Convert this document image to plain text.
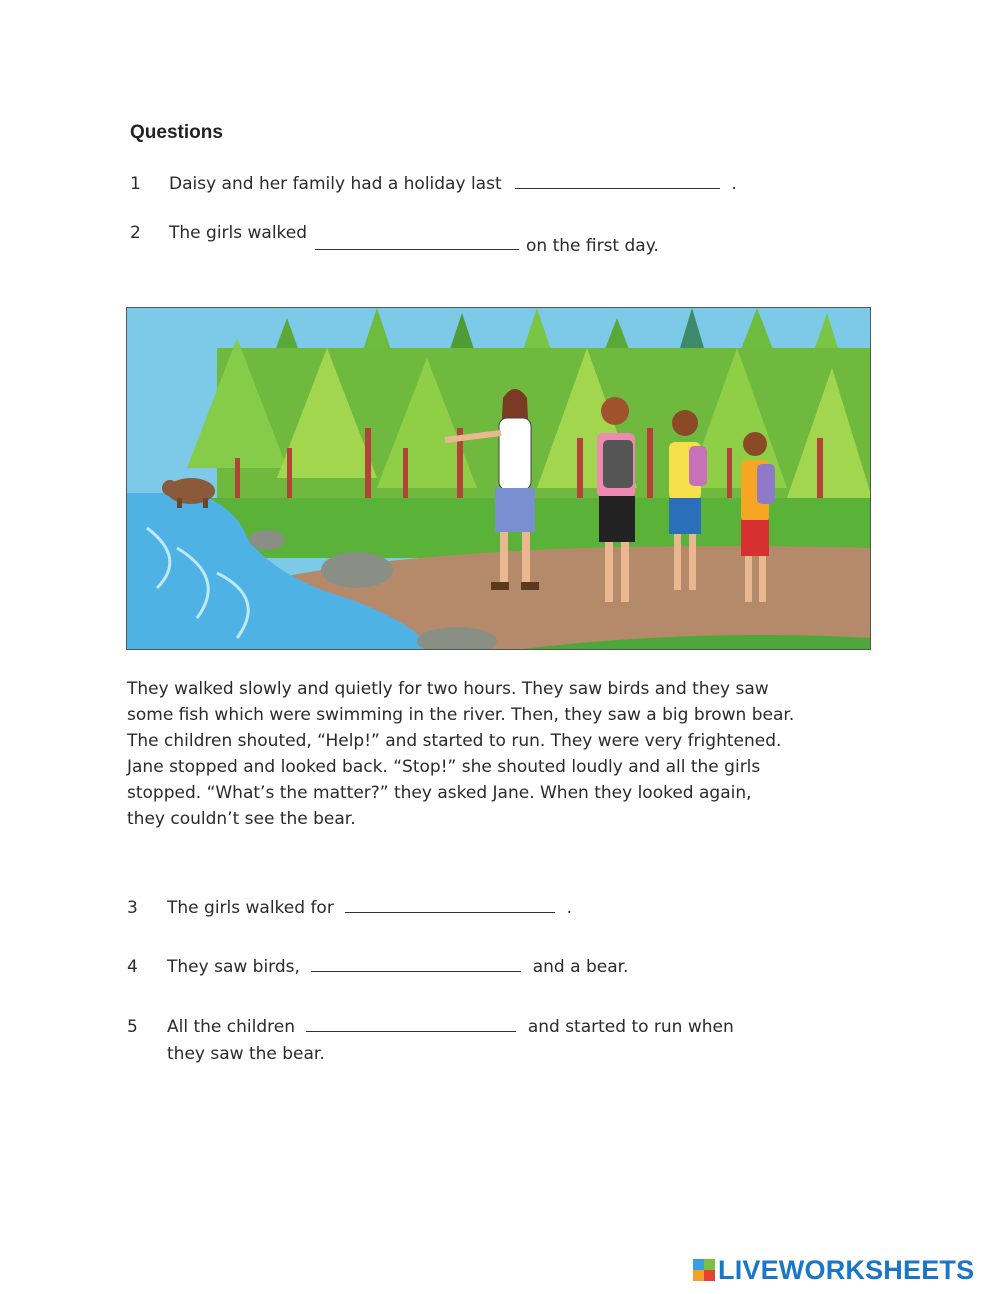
Questions
1 Daisy and her family had a holiday last	.
2 The girls walked
on the first day.
They walked slowly and quietly for two hours. They saw birds and they saw
some fish which were swimming in the river. Then, they saw a big brown bear.
The children shouted, “Help!” and started to run. They were very frightened.
Jane stopped and looked back. “Stop!” she shouted loudly and all the girls
stopped. “What’s the matter?” they asked Jane. When they looked again,
they couldn’t see the bear.
3 The girls walked for	.
4 They saw birds,	and a bear.
5 All the children	and started to run when
they saw the bear.
LIVEWORKSHEETS
